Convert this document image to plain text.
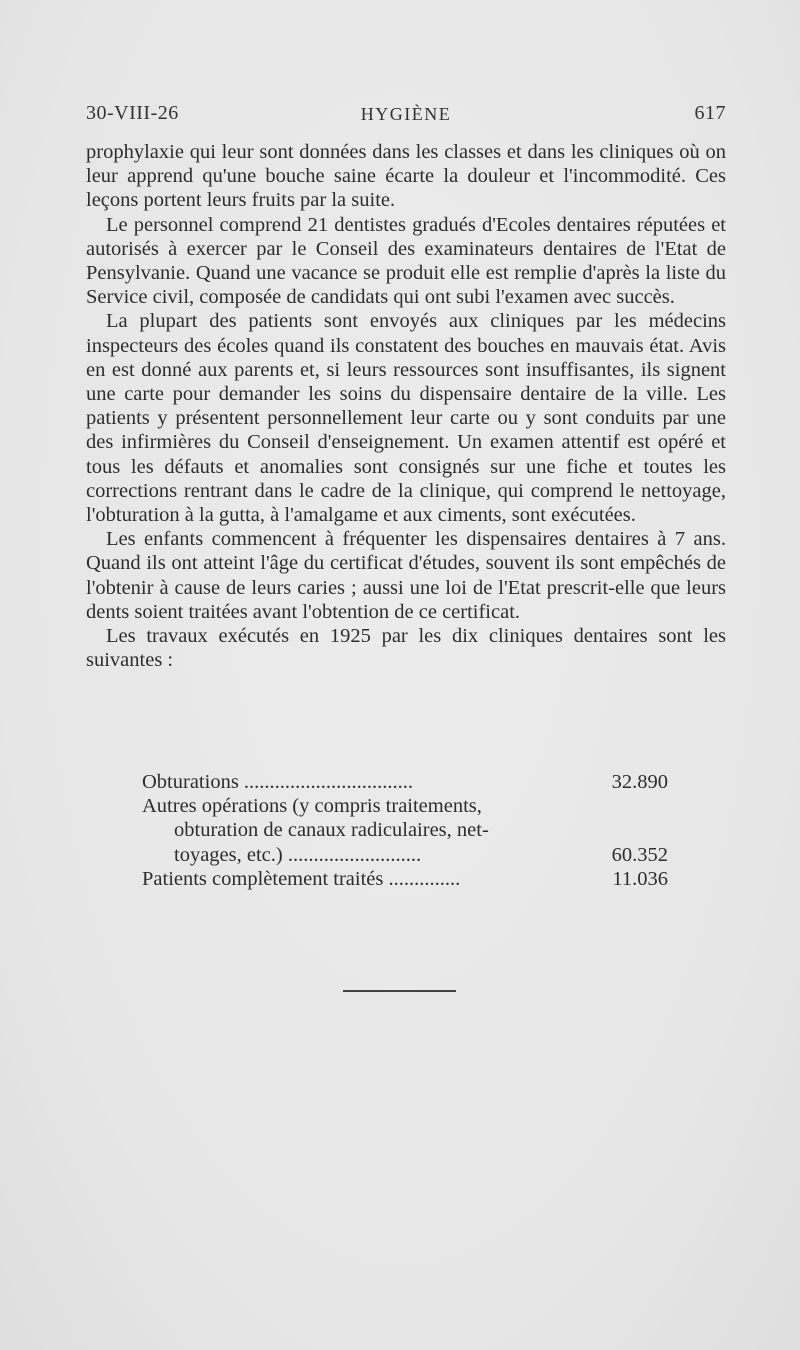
30-VIII-26	HYGIÈNE	617

prophylaxie qui leur sont données dans les classes et dans les cliniques où on leur apprend qu'une bouche saine écarte la douleur et l'incommodité. Ces leçons portent leurs fruits par la suite.

Le personnel comprend 21 dentistes gradués d'Ecoles dentaires réputées et autorisés à exercer par le Conseil des examinateurs dentaires de l'Etat de Pensylvanie. Quand une vacance se produit elle est remplie d'après la liste du Service civil, composée de candidats qui ont subi l'examen avec succès.

La plupart des patients sont envoyés aux cliniques par les médecins inspecteurs des écoles quand ils constatent des bouches en mauvais état. Avis en est donné aux parents et, si leurs ressources sont insuffisantes, ils signent une carte pour demander les soins du dispensaire dentaire de la ville. Les patients y présentent personnellement leur carte ou y sont conduits par une des infirmières du Conseil d'enseignement. Un examen attentif est opéré et tous les défauts et anomalies sont consignés sur une fiche et toutes les corrections rentrant dans le cadre de la clinique, qui comprend le nettoyage, l'obturation à la gutta, à l'amalgame et aux ciments, sont exécutées.

Les enfants commencent à fréquenter les dispensaires dentaires à 7 ans. Quand ils ont atteint l'âge du certificat d'études, souvent ils sont empêchés de l'obtenir à cause de leurs caries ; aussi une loi de l'Etat prescrit-elle que leurs dents soient traitées avant l'obtention de ce certificat.

Les travaux exécutés en 1925 par les dix cliniques dentaires sont les suivantes :

Obturations .................................	32.890
Autres opérations (y compris traitements,
obturation de canaux radiculaires, net-
toyages, etc.) ..........................	60.352
Patients complètement traités ..............	11.036
